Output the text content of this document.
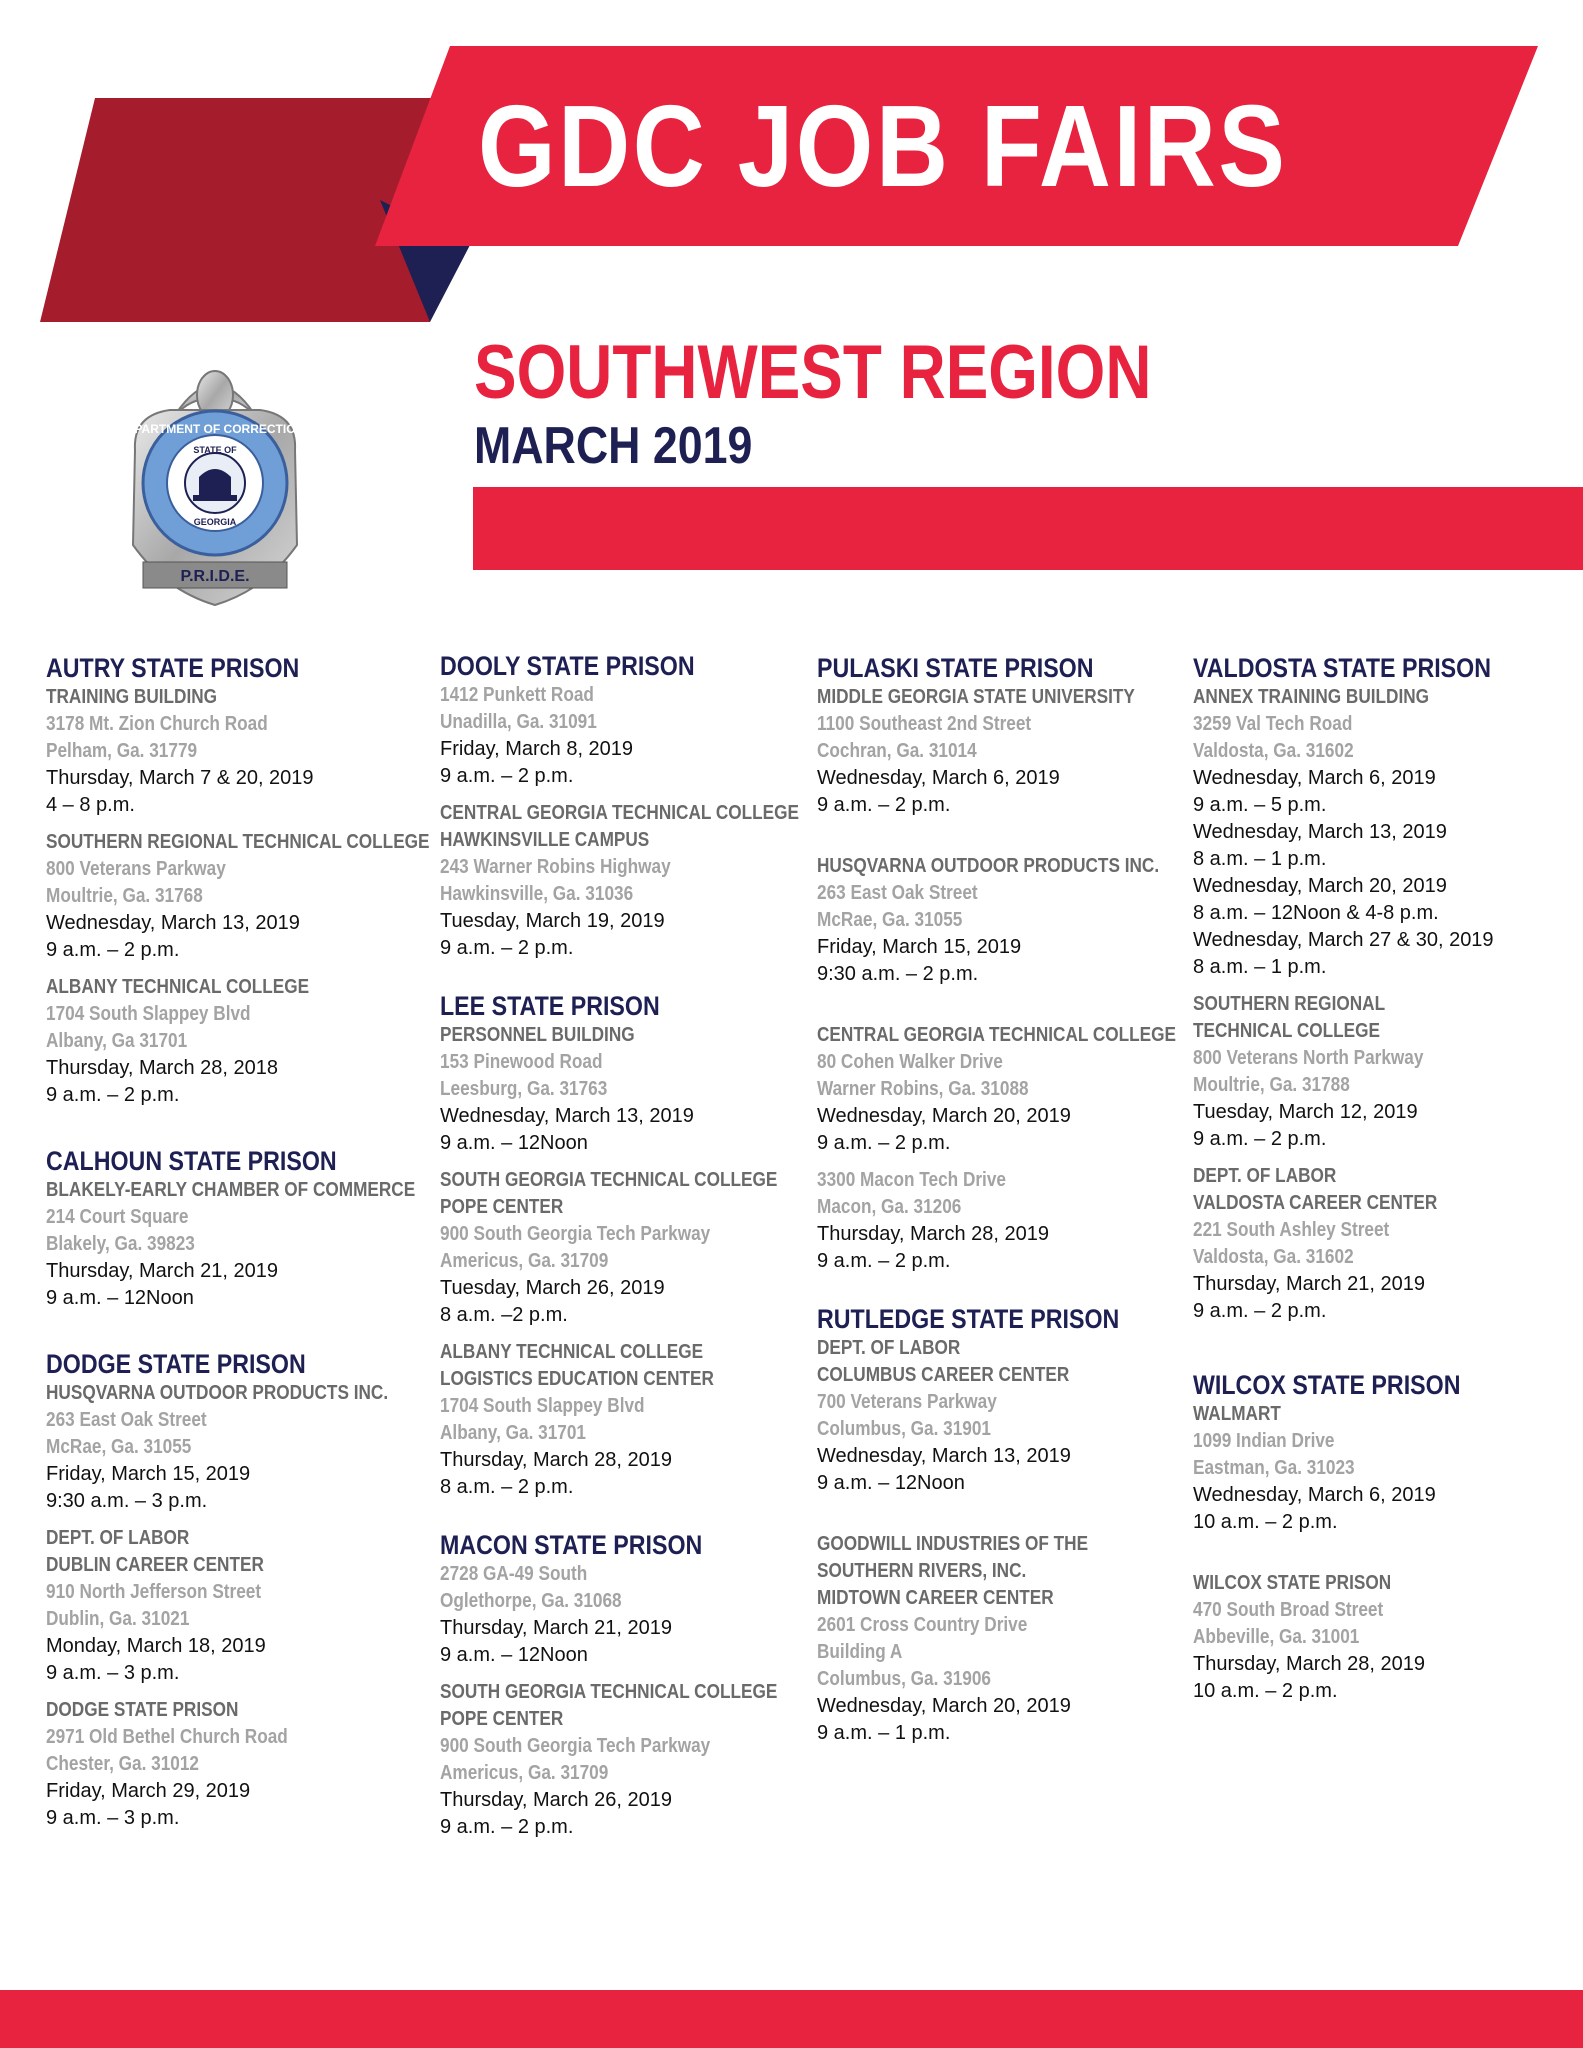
GDC JOB FAIRS
SOUTHWEST REGION
MARCH 2019
P.R.I.D.E.
DEPARTMENT OF CORRECTIONS
STATE OF
GEORGIA
AUTRY STATE PRISON
TRAINING BUILDING
3178 Mt. Zion Church Road
Pelham, Ga. 31779
Thursday, March 7 & 20, 2019
4 – 8 p.m.
SOUTHERN REGIONAL TECHNICAL COLLEGE
800 Veterans Parkway
Moultrie, Ga. 31768
Wednesday, March 13, 2019
9 a.m. – 2 p.m.
ALBANY TECHNICAL COLLEGE
1704 South Slappey Blvd
Albany, Ga 31701
Thursday, March 28, 2018
9 a.m. – 2 p.m.
CALHOUN STATE PRISON
BLAKELY-EARLY CHAMBER OF COMMERCE
214 Court Square
Blakely, Ga. 39823
Thursday, March 21, 2019
9 a.m. – 12Noon
DODGE STATE PRISON
HUSQVARNA OUTDOOR PRODUCTS INC.
263 East Oak Street
McRae, Ga. 31055
Friday, March 15, 2019
9:30 a.m. – 3 p.m.
DEPT. OF LABOR
DUBLIN CAREER CENTER
910 North Jefferson Street
Dublin, Ga. 31021
Monday, March 18, 2019
9 a.m. – 3 p.m.
DODGE STATE PRISON
2971 Old Bethel Church Road
Chester, Ga. 31012
Friday, March 29, 2019
9 a.m. – 3 p.m.
DOOLY STATE PRISON
1412 Punkett Road
Unadilla, Ga. 31091
Friday, March 8, 2019
9 a.m. – 2 p.m.
CENTRAL GEORGIA TECHNICAL COLLEGE
HAWKINSVILLE CAMPUS
243 Warner Robins Highway
Hawkinsville, Ga. 31036
Tuesday, March 19, 2019
9 a.m. – 2 p.m.
LEE STATE PRISON
PERSONNEL BUILDING
153 Pinewood Road
Leesburg, Ga. 31763
Wednesday, March 13, 2019
9 a.m. – 12Noon
SOUTH GEORGIA TECHNICAL COLLEGE
POPE CENTER
900 South Georgia Tech Parkway
Americus, Ga. 31709
Tuesday, March 26, 2019
8 a.m. –2 p.m.
ALBANY TECHNICAL COLLEGE
LOGISTICS EDUCATION CENTER
1704 South Slappey Blvd
Albany, Ga. 31701
Thursday, March 28, 2019
8 a.m. – 2 p.m.
MACON STATE PRISON
2728 GA-49 South
Oglethorpe, Ga. 31068
Thursday, March 21, 2019
9 a.m. – 12Noon
SOUTH GEORGIA TECHNICAL COLLEGE
POPE CENTER
900 South Georgia Tech Parkway
Americus, Ga. 31709
Thursday, March 26, 2019
9 a.m. – 2 p.m.
PULASKI STATE PRISON
MIDDLE GEORGIA STATE UNIVERSITY
1100 Southeast 2nd Street
Cochran, Ga. 31014
Wednesday, March 6, 2019
9 a.m. – 2 p.m.
HUSQVARNA OUTDOOR PRODUCTS INC.
263 East Oak Street
McRae, Ga. 31055
Friday, March 15, 2019
9:30 a.m. – 2 p.m.
CENTRAL GEORGIA TECHNICAL COLLEGE
80 Cohen Walker Drive
Warner Robins, Ga. 31088
Wednesday, March 20, 2019
9 a.m. – 2 p.m.
3300 Macon Tech Drive
Macon, Ga. 31206
Thursday, March 28, 2019
9 a.m. – 2 p.m.
RUTLEDGE STATE PRISON
DEPT. OF LABOR
COLUMBUS CAREER CENTER
700 Veterans Parkway
Columbus, Ga. 31901
Wednesday, March 13, 2019
9 a.m. – 12Noon
GOODWILL INDUSTRIES OF THE
SOUTHERN RIVERS, INC.
MIDTOWN CAREER CENTER
2601 Cross Country Drive
Building A
Columbus, Ga. 31906
Wednesday, March 20, 2019
9 a.m. – 1 p.m.
VALDOSTA STATE PRISON
ANNEX TRAINING BUILDING
3259 Val Tech Road
Valdosta, Ga. 31602
Wednesday, March 6, 2019
9 a.m. – 5 p.m.
Wednesday, March 13, 2019
8 a.m. – 1 p.m.
Wednesday, March 20, 2019
8 a.m. – 12Noon & 4-8 p.m.
Wednesday, March 27 & 30, 2019
8 a.m. – 1 p.m.
SOUTHERN REGIONAL
TECHNICAL COLLEGE
800 Veterans North Parkway
Moultrie, Ga. 31788
Tuesday, March 12, 2019
9 a.m. – 2 p.m.
DEPT. OF LABOR
VALDOSTA CAREER CENTER
221 South Ashley Street
Valdosta, Ga. 31602
Thursday, March 21, 2019
9 a.m. – 2 p.m.
WILCOX STATE PRISON
WALMART
1099 Indian Drive
Eastman, Ga. 31023
Wednesday, March 6, 2019
10 a.m. – 2 p.m.
WILCOX STATE PRISON
470 South Broad Street
Abbeville, Ga. 31001
Thursday, March 28, 2019
10 a.m. – 2 p.m.
